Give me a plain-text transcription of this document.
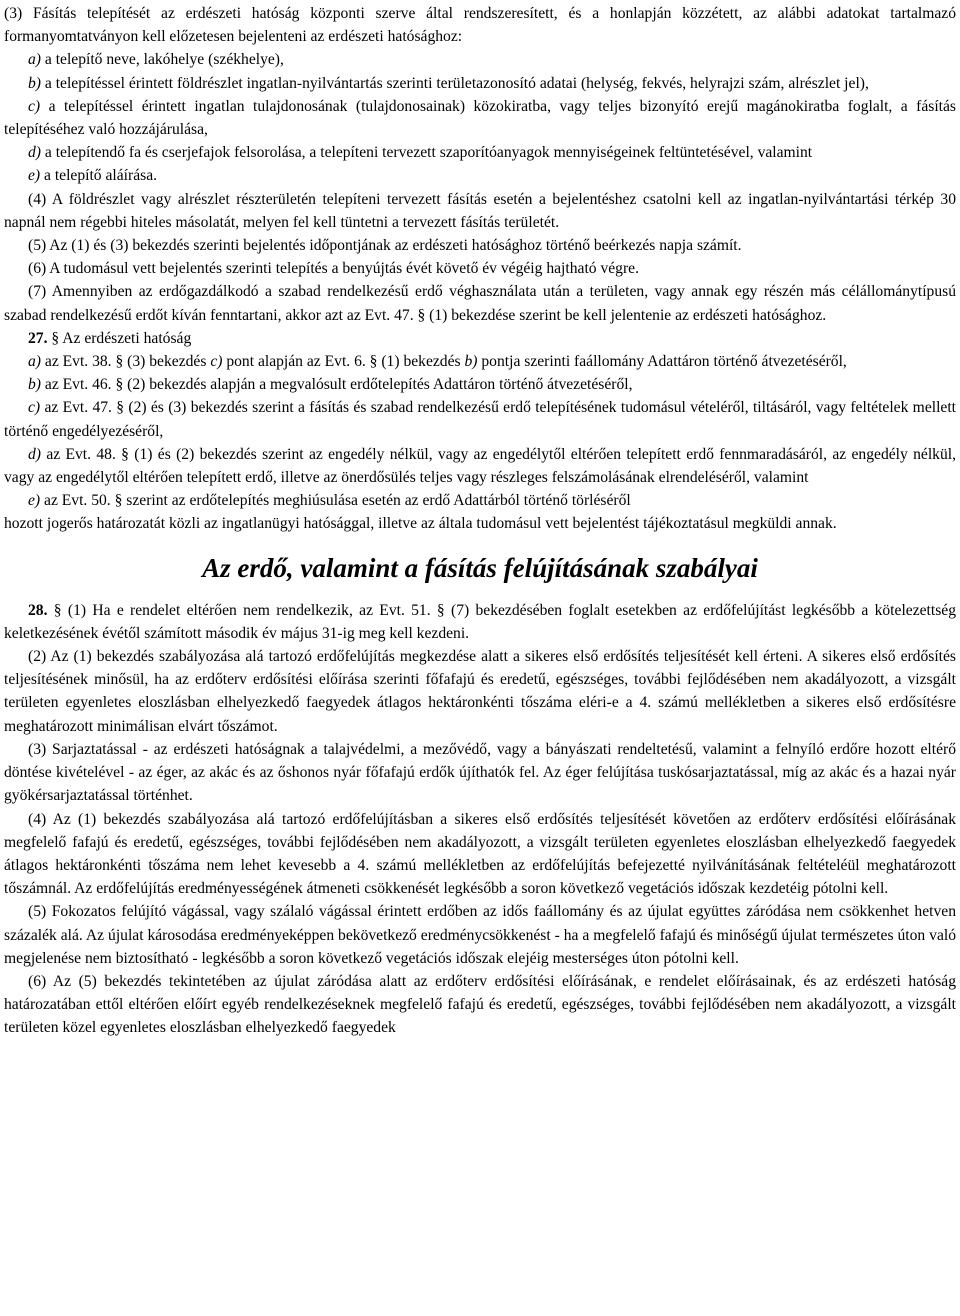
(3) Fásítás telepítését az erdészeti hatóság központi szerve által rendszeresített, és a honlapján közzétett, az alábbi adatokat tartalmazó formanyomtatványon kell előzetesen bejelenteni az erdészeti hatósághoz:

a) a telepítő neve, lakóhelye (székhelye),

b) a telepítéssel érintett földrészlet ingatlan-nyilvántartás szerinti területazonosító adatai (helység, fekvés, helyrajzi szám, alrészlet jel),

c) a telepítéssel érintett ingatlan tulajdonosának (tulajdonosainak) közokiratba, vagy teljes bizonyító erejű magánokiratba foglalt, a fásítás telepítéséhez való hozzájárulása,

d) a telepítendő fa és cserjefajok felsorolása, a telepíteni tervezett szaporítóanyagok mennyiségeinek feltüntetésével, valamint

e) a telepítő aláírása.

(4) A földrészlet vagy alrészlet részterületén telepíteni tervezett fásítás esetén a bejelentéshez csatolni kell az ingatlan-nyilvántartási térkép 30 napnál nem régebbi hiteles másolatát, melyen fel kell tüntetni a tervezett fásítás területét.

(5) Az (1) és (3) bekezdés szerinti bejelentés időpontjának az erdészeti hatósághoz történő beérkezés napja számít.

(6) A tudomásul vett bejelentés szerinti telepítés a benyújtás évét követő év végéig hajtható végre.

(7) Amennyiben az erdőgazdálkodó a szabad rendelkezésű erdő véghasználata után a területen, vagy annak egy részén más célállománytípusú szabad rendelkezésű erdőt kíván fenntartani, akkor azt az Evt. 47. § (1) bekezdése szerint be kell jelentenie az erdészeti hatósághoz.

27. § Az erdészeti hatóság

a) az Evt. 38. § (3) bekezdés c) pont alapján az Evt. 6. § (1) bekezdés b) pontja szerinti faállomány Adattáron történő átvezetéséről,

b) az Evt. 46. § (2) bekezdés alapján a megvalósult erdőtelepítés Adattáron történő átvezetéséről,

c) az Evt. 47. § (2) és (3) bekezdés szerint a fásítás és szabad rendelkezésű erdő telepítésének tudomásul vételéről, tiltásáról, vagy feltételek mellett történő engedélyezéséről,

d) az Evt. 48. § (1) és (2) bekezdés szerint az engedély nélkül, vagy az engedélytől eltérően telepített erdő fennmaradásáról, az engedély nélkül, vagy az engedélytől eltérően telepített erdő, illetve az önerdősülés teljes vagy részleges felszámolásának elrendeléséről, valamint

e) az Evt. 50. § szerint az erdőtelepítés meghiúsulása esetén az erdő Adattárból történő törléséről

hozott jogerős határozatát közli az ingatlanügyi hatósággal, illetve az általa tudomásul vett bejelentést tájékoztatásul megküldi annak.

Az erdő, valamint a fásítás felújításának szabályai

28. § (1) Ha e rendelet eltérően nem rendelkezik, az Evt. 51. § (7) bekezdésében foglalt esetekben az erdőfelújítást legkésőbb a kötelezettség keletkezésének évétől számított második év május 31-ig meg kell kezdeni.

(2) Az (1) bekezdés szabályozása alá tartozó erdőfelújítás megkezdése alatt a sikeres első erdősítés teljesítését kell érteni. A sikeres első erdősítés teljesítésének minősül, ha az erdőterv erdősítési előírása szerinti főfafajú és eredetű, egészséges, további fejlődésében nem akadályozott, a vizsgált területen egyenletes eloszlásban elhelyezkedő faegyedek átlagos hektáronkénti tőszáma eléri-e a 4. számú mellékletben a sikeres első erdősítésre meghatározott minimálisan elvárt tőszámot.

(3) Sarjaztatással - az erdészeti hatóságnak a talajvédelmi, a mezővédő, vagy a bányászati rendeltetésű, valamint a felnyíló erdőre hozott eltérő döntése kivételével - az éger, az akác és az őshonos nyár főfafajú erdők újíthatók fel. Az éger felújítása tuskósarjaztatással, míg az akác és a hazai nyár gyökérsarjaztatással történhet.

(4) Az (1) bekezdés szabályozása alá tartozó erdőfelújításban a sikeres első erdősítés teljesítését követően az erdőterv erdősítési előírásának megfelelő fafajú és eredetű, egészséges, további fejlődésében nem akadályozott, a vizsgált területen egyenletes eloszlásban elhelyezkedő faegyedek átlagos hektáronkénti tőszáma nem lehet kevesebb a 4. számú mellékletben az erdőfelújítás befejezetté nyilvánításának feltételéül meghatározott tőszámnál. Az erdőfelújítás eredményességének átmeneti csökkenését legkésőbb a soron következő vegetációs időszak kezdetéig pótolni kell.

(5) Fokozatos felújító vágással, vagy szálaló vágással érintett erdőben az idős faállomány és az újulat együttes záródása nem csökkenhet hetven százalék alá. Az újulat károsodása eredményeképpen bekövetkező eredménycsökkenést - ha a megfelelő fafajú és minőségű újulat természetes úton való megjelenése nem biztosítható - legkésőbb a soron következő vegetációs időszak elejéig mesterséges úton pótolni kell.

(6) Az (5) bekezdés tekintetében az újulat záródása alatt az erdőterv erdősítési előírásának, e rendelet előírásainak, és az erdészeti hatóság határozatában ettől eltérően előírt egyéb rendelkezéseknek megfelelő fafajú és eredetű, egészséges, további fejlődésében nem akadályozott, a vizsgált területen közel egyenletes eloszlásban elhelyezkedő faegyedek
